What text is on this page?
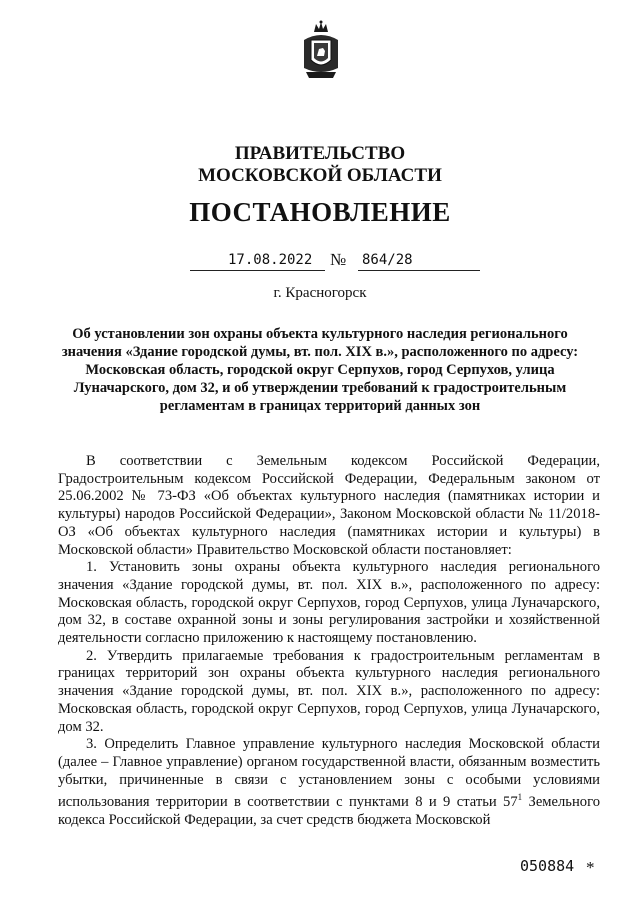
ПРАВИТЕЛЬСТВО
МОСКОВСКОЙ ОБЛАСТИ
ПОСТАНОВЛЕНИЕ
17.08.2022 № 864/28
г. Красногорск
Об установлении зон охраны объекта культурного наследия регионального значения «Здание городской думы, вт. пол. XIX в.», расположенного по адресу: Московская область, городской округ Серпухов, город Серпухов, улица Луначарского, дом 32, и об утверждении требований к градостроительным регламентам в границах территорий данных зон

В соответствии с Земельным кодексом Российской Федерации, Градостроительным кодексом Российской Федерации, Федеральным законом от 25.06.2002 № 73-ФЗ «Об объектах культурного наследия (памятниках истории и культуры) народов Российской Федерации», Законом Московской области № 11/2018-ОЗ «Об объектах культурного наследия (памятниках истории и культуры) в Московской области» Правительство Московской области постановляет:

1. Установить зоны охраны объекта культурного наследия регионального значения «Здание городской думы, вт. пол. XIX в.», расположенного по адресу: Московская область, городской округ Серпухов, город Серпухов, улица Луначарского, дом 32, в составе охранной зоны и зоны регулирования застройки и хозяйственной деятельности согласно приложению к настоящему постановлению.

2. Утвердить прилагаемые требования к градостроительным регламентам в границах территорий зон охраны объекта культурного наследия регионального значения «Здание городской думы, вт. пол. XIX в.», расположенного по адресу: Московская область, городской округ Серпухов, город Серпухов, улица Луначарского, дом 32.

3. Определить Главное управление культурного наследия Московской области (далее – Главное управление) органом государственной власти, обязанным возместить убытки, причиненные в связи с установлением зоны с особыми условиями использования территории в соответствии с пунктами 8 и 9 статьи $57^1$ Земельного кодекса Российской Федерации, за счет средств бюджета Московской

050884 *
